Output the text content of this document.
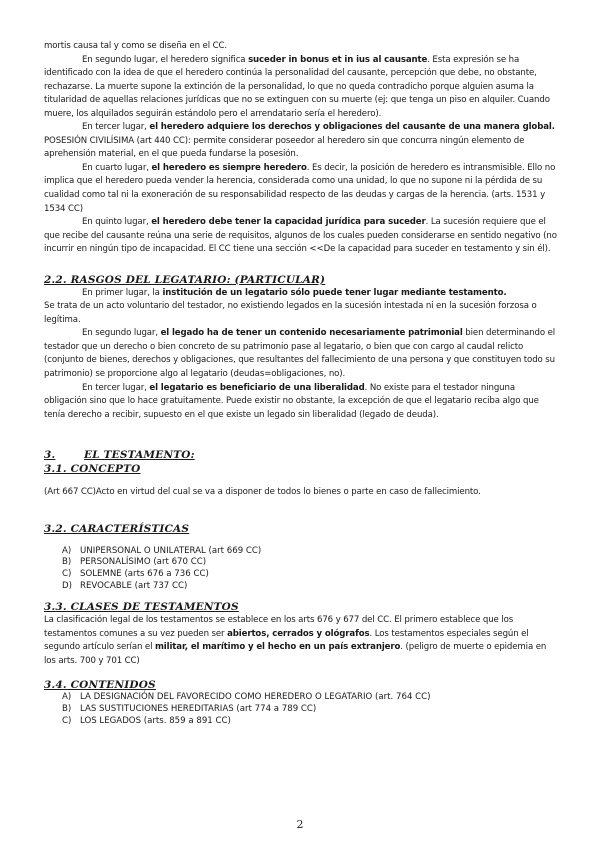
mortis causa tal y como se diseña en el CC.

En segundo lugar, el heredero significa suceder in bonus et in ius al causante. Esta expresión se ha identificado con la idea de que el heredero continúa la personalidad del causante, percepción que debe, no obstante, rechazarse. La muerte supone la extinción de la personalidad, lo que no queda contradicho porque alguien asuma la titularidad de aquellas relaciones jurídicas que no se extinguen con su muerte (ej: que tenga un piso en alquiler. Cuando muere, los alquilados seguirán estándolo pero el arrendatario sería el heredero).

En tercer lugar, el heredero adquiere los derechos y obligaciones del causante de una manera global. POSESIÓN CIVILÍSIMA (art 440 CC): permite considerar poseedor al heredero sin que concurra ningún elemento de aprehensión material, en el que pueda fundarse la posesión.

En cuarto lugar, el heredero es siempre heredero. Es decir, la posición de heredero es intransmisible. Ello no implica que el heredero pueda vender la herencia, considerada como una unidad, lo que no supone ni la pérdida de su cualidad como tal ni la exoneración de su responsabilidad respecto de las deudas y cargas de la herencia. (arts. 1531 y 1534 CC)

En quinto lugar, el heredero debe tener la capacidad jurídica para suceder. La sucesión requiere que el que recibe del causante reúna una serie de requisitos, algunos de los cuales pueden considerarse en sentido negativo (no incurrir en ningún tipo de incapacidad. El CC tiene una sección <<De la capacidad para suceder en testamento y sin él).

2.2. RASGOS DEL LEGATARIO: (PARTICULAR)

En primer lugar, la institución de un legatario sólo puede tener lugar mediante testamento.

Se trata de un acto voluntario del testador, no existiendo legados en la sucesión intestada ni en la sucesión forzosa o legítima.

En segundo lugar, el legado ha de tener un contenido necesariamente patrimonial bien determinando el testador que un derecho o bien concreto de su patrimonio pase al legatario, o bien que con cargo al caudal relicto (conjunto de bienes, derechos y obligaciones, que resultantes del fallecimiento de una persona y que constituyen todo su patrimonio) se proporcione algo al legatario (deudas=obligaciones, no).

En tercer lugar, el legatario es beneficiario de una liberalidad. No existe para el testador ninguna obligación sino que lo hace gratuitamente. Puede existir no obstante, la excepción de que el legatario reciba algo que tenía derecho a recibir, supuesto en el que existe un legado sin liberalidad (legado de deuda).

3.	EL TESTAMENTO:
3.1. CONCEPTO

(Art 667 CC)Acto en virtud del cual se va a disponer de todos lo bienes o parte en caso de fallecimiento.

3.2. CARACTERÍSTICAS
A)	UNIPERSONAL O UNILATERAL (art 669 CC)
B)	PERSONALÍSIMO (art 670 CC)
C)	SOLEMNE (arts 676 a 736 CC)
D) REVOCABLE (art 737 CC)
3.3. CLASES DE TESTAMENTOS

La clasificación legal de los testamentos se establece en los arts 676 y 677 del CC. El primero establece que los testamentos comunes a su vez pueden ser abiertos, cerrados y ológrafos. Los testamentos especiales según el segundo artículo serían el militar, el marítimo y el hecho en un país extranjero. (peligro de muerte o epidemia en los arts. 700 y 701 CC)

3.4. CONTENIDOS
A)	LA DESIGNACIÓN DEL FAVORECIDO COMO HEREDERO O LEGATARIO (art. 764 CC)
B)	LAS SUSTITUCIONES HEREDITARIAS (art 774 a 789 CC)
C)	LOS LEGADOS (arts. 859 a 891 CC)
2
